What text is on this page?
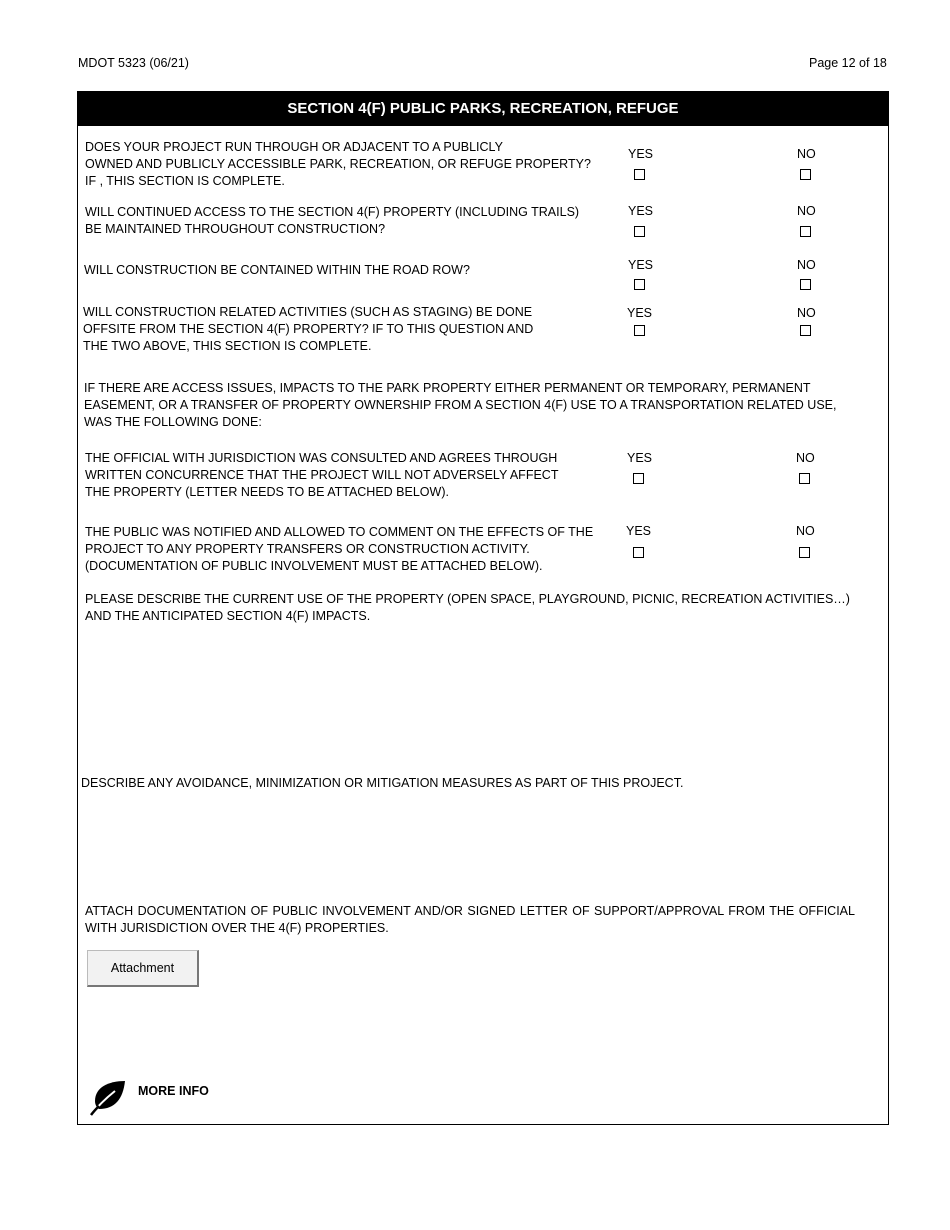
MDOT 5323 (06/21)	Page 12 of 18
SECTION 4(F) PUBLIC PARKS, RECREATION, REFUGE
DOES YOUR PROJECT RUN THROUGH OR ADJACENT TO A PUBLICLY
OWNED AND PUBLICLY ACCESSIBLE PARK, RECREATION, OR REFUGE PROPERTY?
IF , THIS SECTION IS COMPLETE.
YES	NO
WILL CONTINUED ACCESS TO THE SECTION 4(F) PROPERTY (INCLUDING TRAILS)
BE MAINTAINED THROUGHOUT CONSTRUCTION?
YES	NO
WILL CONSTRUCTION BE CONTAINED WITHIN THE ROAD ROW?	YES	NO
WILL CONSTRUCTION RELATED ACTIVITIES (SUCH AS STAGING) BE DONE
OFFSITE FROM THE SECTION 4(F) PROPERTY? IF TO THIS QUESTION AND
THE TWO ABOVE, THIS SECTION IS COMPLETE.
YES	NO
IF THERE ARE ACCESS ISSUES, IMPACTS TO THE PARK PROPERTY EITHER PERMANENT OR TEMPORARY, PERMANENT
EASEMENT, OR A TRANSFER OF PROPERTY OWNERSHIP FROM A SECTION 4(F) USE TO A TRANSPORTATION RELATED USE,
WAS THE FOLLOWING DONE:
THE OFFICIAL WITH JURISDICTION WAS CONSULTED AND AGREES THROUGH
WRITTEN CONCURRENCE THAT THE PROJECT WILL NOT ADVERSELY AFFECT
THE PROPERTY (LETTER NEEDS TO BE ATTACHED BELOW).
YES	NO
THE PUBLIC WAS NOTIFIED AND ALLOWED TO COMMENT ON THE EFFECTS OF THE
PROJECT TO ANY PROPERTY TRANSFERS OR CONSTRUCTION ACTIVITY.
(DOCUMENTATION OF PUBLIC INVOLVEMENT MUST BE ATTACHED BELOW).
YES	NO
PLEASE DESCRIBE THE CURRENT USE OF THE PROPERTY (OPEN SPACE, PLAYGROUND, PICNIC, RECREATION ACTIVITIES…)
AND THE ANTICIPATED SECTION 4(F) IMPACTS.
DESCRIBE ANY AVOIDANCE, MINIMIZATION OR MITIGATION MEASURES AS PART OF THIS PROJECT.
ATTACH DOCUMENTATION OF PUBLIC INVOLVEMENT AND/OR SIGNED LETTER OF SUPPORT/APPROVAL FROM THE OFFICIAL
WITH JURISDICTION OVER THE 4(F) PROPERTIES.
Attachment
MORE INFO
